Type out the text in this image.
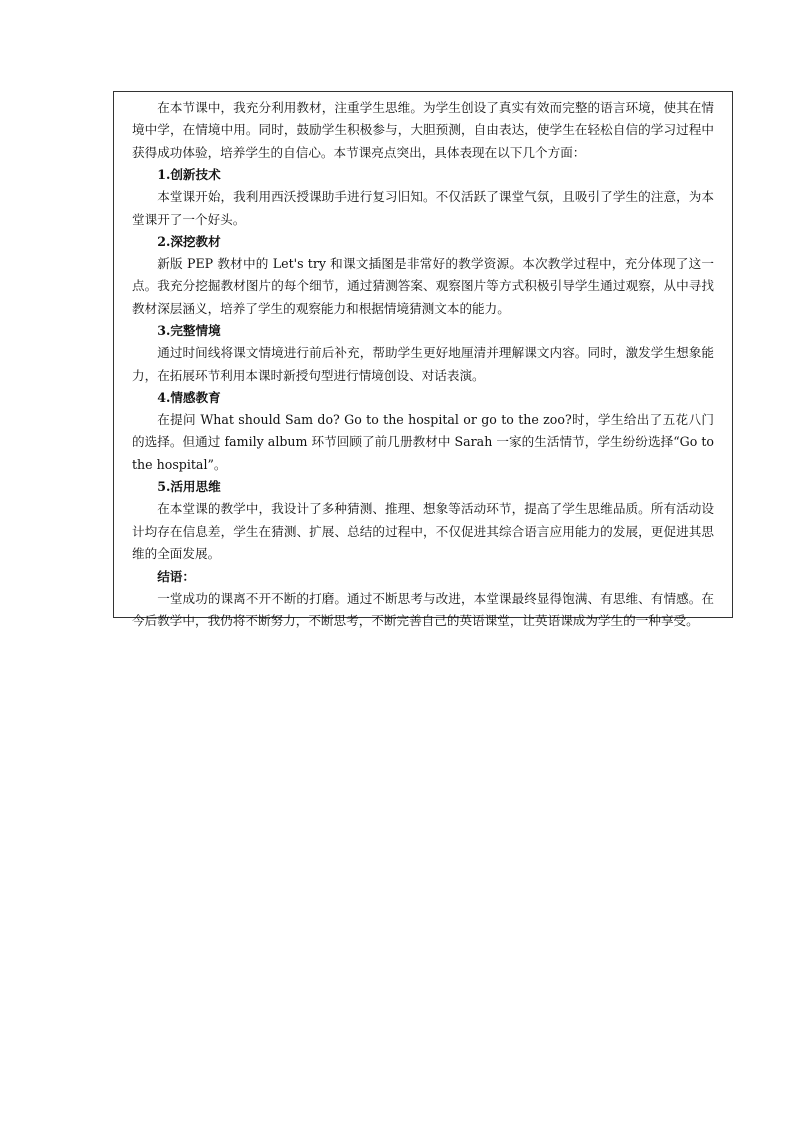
在本节课中，我充分利用教材，注重学生思维。为学生创设了真实有效而完整的语言环境，使其在情境中学，在情境中用。同时，鼓励学生积极参与，大胆预测，自由表达，使学生在轻松自信的学习过程中获得成功体验，培养学生的自信心。本节课亮点突出，具体表现在以下几个方面：

1.创新技术

本堂课开始，我利用西沃授课助手进行复习旧知。不仅活跃了课堂气氛，且吸引了学生的注意，为本堂课开了一个好头。

2.深挖教材

新版 PEP 教材中的 Let's try 和课文插图是非常好的教学资源。本次教学过程中，充分体现了这一点。我充分挖掘教材图片的每个细节，通过猜测答案、观察图片等方式积极引导学生通过观察，从中寻找教材深层涵义，培养了学生的观察能力和根据情境猜测文本的能力。

3.完整情境

通过时间线将课文情境进行前后补充，帮助学生更好地厘清并理解课文内容。同时，激发学生想象能力，在拓展环节利用本课时新授句型进行情境创设、对话表演。

4.情感教育

在提问 What should Sam do? Go to the hospital or go to the zoo?时，学生给出了五花八门的选择。但通过 family album 环节回顾了前几册教材中 Sarah 一家的生活情节，学生纷纷选择“Go to the hospital”。

5.活用思维

在本堂课的教学中，我设计了多种猜测、推理、想象等活动环节，提高了学生思维品质。所有活动设计均存在信息差，学生在猜测、扩展、总结的过程中，不仅促进其综合语言应用能力的发展，更促进其思维的全面发展。

结语：

一堂成功的课离不开不断的打磨。通过不断思考与改进，本堂课最终显得饱满、有思维、有情感。在今后教学中，我仍将不断努力，不断思考，不断完善自己的英语课堂，让英语课成为学生的一种享受。
